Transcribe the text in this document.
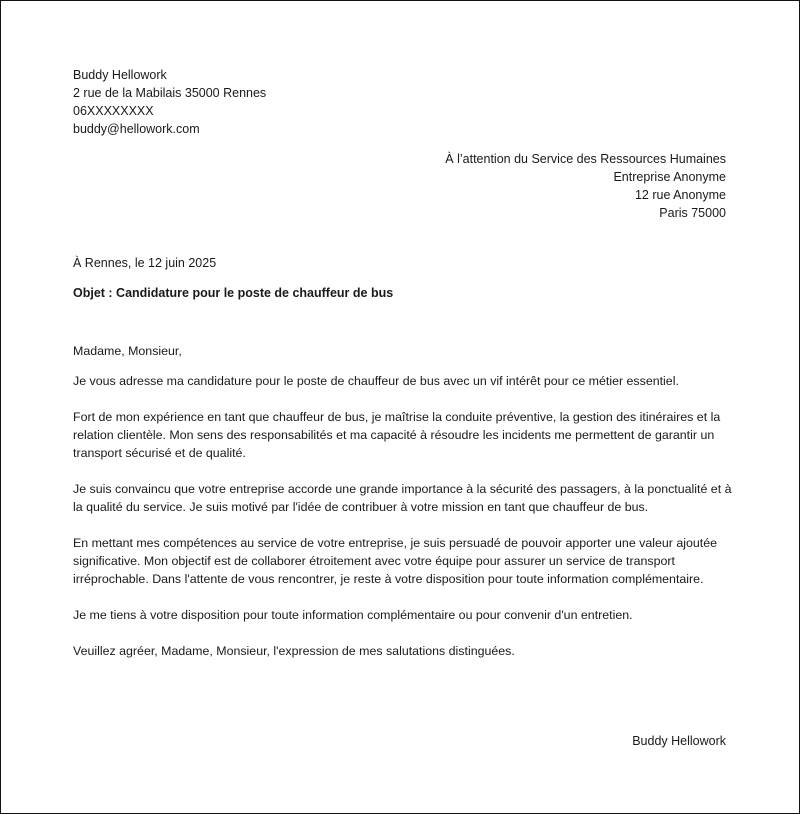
Buddy Hellowork
2 rue de la Mabilais 35000 Rennes
06XXXXXXXX
buddy@hellowork.com
À l’attention du Service des Ressources Humaines
Entreprise Anonyme
12 rue Anonyme
Paris 75000
À Rennes, le 12 juin 2025
Objet : Candidature pour le poste de chauffeur de bus

Madame, Monsieur,

Je vous adresse ma candidature pour le poste de chauffeur de bus avec un vif intérêt pour ce métier essentiel.

Fort de mon expérience en tant que chauffeur de bus, je maîtrise la conduite préventive, la gestion des itinéraires et la relation clientèle. Mon sens des responsabilités et ma capacité à résoudre les incidents me permettent de garantir un transport sécurisé et de qualité.

Je suis convaincu que votre entreprise accorde une grande importance à la sécurité des passagers, à la ponctualité et à la qualité du service. Je suis motivé par l'idée de contribuer à votre mission en tant que chauffeur de bus.

En mettant mes compétences au service de votre entreprise, je suis persuadé de pouvoir apporter une valeur ajoutée significative. Mon objectif est de collaborer étroitement avec votre équipe pour assurer un service de transport irréprochable. Dans l'attente de vous rencontrer, je reste à votre disposition pour toute information complémentaire.

Je me tiens à votre disposition pour toute information complémentaire ou pour convenir d'un entretien.

Veuillez agréer, Madame, Monsieur, l'expression de mes salutations distinguées.

Buddy Hellowork
